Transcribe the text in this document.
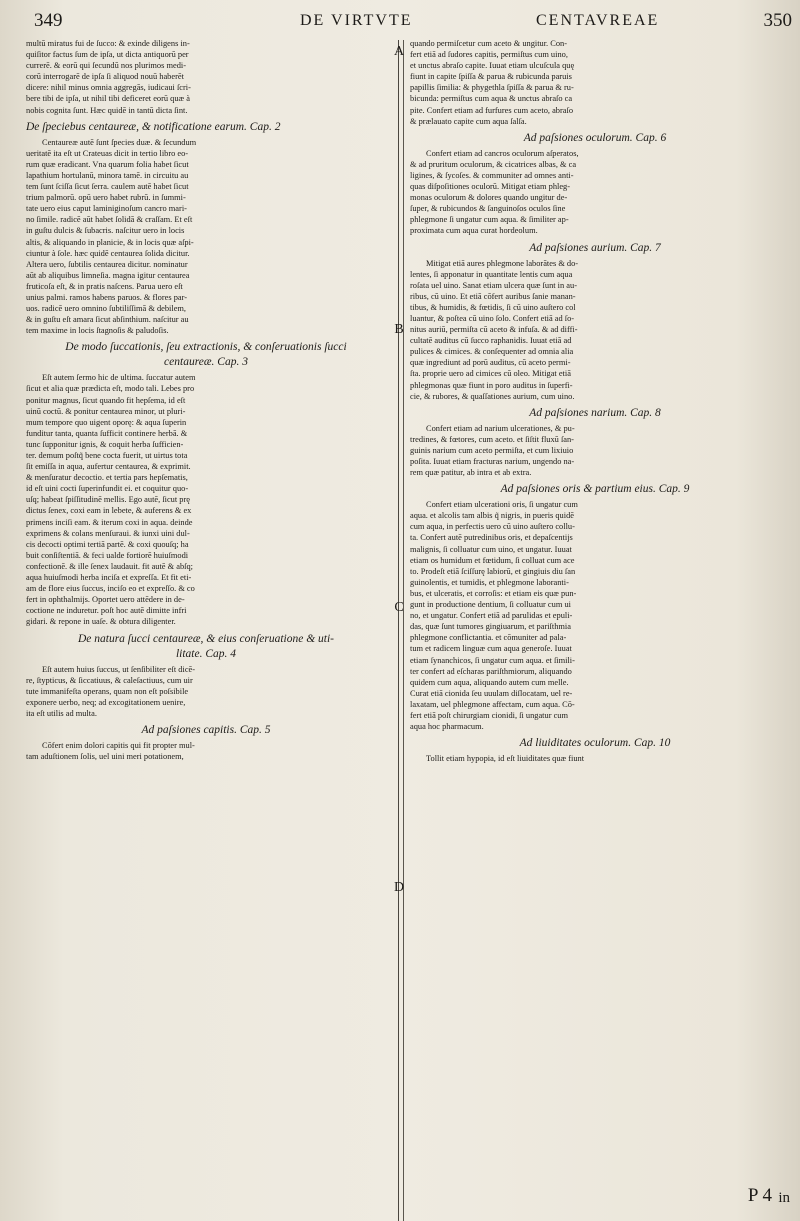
349	DE VIRTVTE	CENTAVREAE	350
A
B
C
D
multū miratus fui de ſucco: & exinde diligens in-
quiſitor factus ſum de ipſa, ut dicta antiquorū per
currerē. & eorū qui ſecundū nos plurimos medi-
corū interrogarē de ipſa ſi aliquod nouū haberēt
dicere: nihil minus omnia aggregās, iudicaui ſcri-
bere tibi de ipſa, ut nihil tibi deficeret eorū quæ à
nobis cognita ſunt. Hæc quidē in tantū dicta ſint.
De ſpeciebus centaureæ, & notificatione earum. Cap. 2
Centaureæ autē ſunt ſpecies duæ. & ſecundum
ueritatē ita eſt ut Crateuas dicit in tertio libro eo-
rum quæ eradicant. Vna quarum folia habet ſicut
lapathium hortulanū, minora tamē. in circuitu au
tem ſunt ſciſſa ſicut ſerra. caulem autē habet ſicut
trium palmorū. opū uero habet rubrū. in ſummi-
tate uero eius caput laminiginoſum cancro mari-
no ſimile. radicē aūt habet ſolidā & craſſam. Et eſt
in guſtu dulcis & ſubacris. naſcitur uero in locis
altis, & aliquando in planicie, & in locis quæ aſpi-
ciuntur à ſole. hæc quidē centaurea ſolida dicitur.
Altera uero, ſubtilis centaurea dicitur. nominatur
aūt ab aliquibus limneſia. magna igitur centaurea
fruticoſa eſt, & in pratis naſcens. Parua uero eſt
unius palmi. ramos habens paruos. & flores par-
uos. radicē uero omnino ſubtiliſſimā & debilem,
& in guſtu eſt amara ſicut abſinthium. naſcitur au
tem maxime in locis ſtagnoſis & paludoſis.
De modo ſuccationis, ſeu extractionis, & conſeruationis ſucci
centaureæ. Cap. 3
Eſt autem ſermo hic de ultima. ſuccatur autem
ſicut et alia quæ prædicta eſt, modo tali. Lebes pro
ponitur magnus, ſicut quando fit hepſema, id eſt
uinū coctū. & ponitur centaurea minor, ut pluri-
mum tempore quo uigent oporę: & aqua ſuperin
funditur tanta, quanta ſufficit continere herbā. &
tunc ſupponitur ignis, & coquit herba ſufficien-
ter. demum poſtq̃ bene cocta fuerit, ut uirtus tota
ſit emiſſa in aqua, aufertur centaurea, & exprimit.
& menſuratur decoctio. et tertia pars hepſematis,
id eſt uini cocti ſuperinfundit ei. et coquitur quo-
uſq; habeat ſpiſſitudinē mellis. Ego autē, ſicut prę
dictus ſenex, coxi eam in lebete, & auferens & ex
primens inciſi eam. & iterum coxi in aqua. deinde
exprimens & colans menſuraui. & iunxi uini dul-
cis decocti optimi tertiā partē. & coxi quouſq; ha
buit conſiſtentiā. & feci ualde fortiorē huiuſmodi
confectionē. & ille ſenex laudauit. fit autē & abſq;
aqua huiuſmodi herba inciſa et expreſſa. Et fit eti-
am de flore eius ſuccus, inciſo eo et expreſſo. & co
fert in ophthalmijs. Oportet uero attēdere in de-
coctione ne induretur. poſt hoc autē dimitte infri
gidari. & repone in uaſe. & obtura diligenter.
De natura ſucci centaureæ, & eius conſeruatione & uti-
litate. Cap. 4
Eſt autem huius ſuccus, ut ſenſibiliter eſt dicē-
re, ſtypticus, & ſiccatiuus, & caleſactiuus, cum uir
tute immanifeſta operans, quam non eſt poſsibile
exponere uerbo, neq; ad excogitationem uenire,
ita eſt utilis ad multa.
Ad paſsiones capitis. Cap. 5
Cōfert enim dolori capitis qui fit propter mul-
tam aduſtionem ſolis, uel uini meri potationem,
quando permiſcetur cum aceto & ungitur. Con-
fert etiā ad ſudores capitis, permiſtus cum uino,
et unctus abraſo capite. Iuuat etiam ulcuſcula quę
fiunt in capite ſpiſſa & parua & rubicunda paruis
papillis ſimilia: & phygethla ſpiſſa & parua & ru-
bicunda: permiſtus cum aqua & unctus abraſo ca
pite. Confert etiam ad furfures cum aceto, abraſo
& prælauato capite cum aqua ſalſa.
Ad paſsiones oculorum. Cap. 6
Confert etiam ad cancros oculorum aſperatos,
& ad pruritum oculorum, & cicatrices albas, & ca
ligines, & ſycoſes. & communiter ad omnes anti-
quas diſpoſitiones oculorū. Mitigat etiam phleg-
monas oculorum & dolores quando ungitur de-
ſuper, & rubicundos & ſanguinoſos oculos ſine
phlegmone ſi ungatur cum aqua. & ſimiliter ap-
proximata cum aqua curat hordeolum.
Ad paſsiones aurium. Cap. 7
Mitigat etiā aures phlegmone laborātes & do-
lentes, ſi apponatur in quantitate lentis cum aqua
roſata uel uino. Sanat etiam ulcera quæ ſunt in au-
ribus, cū uino. Et etiā cōfert auribus ſanie manan-
tibus, & humidis, & fœtidis, ſi cū uino auſtero col
luantur, & poſtea cū uino ſolo. Confert etiā ad ſo-
nitus auriū, permiſta cū aceto & infuſa. & ad diffi-
cultatē auditus cū ſucco raphanidis. Iuuat etiā ad
pulices & cimices. & conſequenter ad omnia alia
quæ ingrediunt ad porū auditus, cū aceto permi-
ſta. proprie uero ad cimices cū oleo. Mitigat etiā
phlegmonas quæ fiunt in poro auditus in ſuperfi-
cie, & rubores, & quaſſationes aurium, cum uino.
Ad paſsiones narium. Cap. 8
Confert etiam ad narium ulcerationes, & pu-
tredines, & fœtores, cum aceto. et ſiſtit fluxū ſan-
guinis narium cum aceto permiſta, et cum lixiuio
poſita. Iuuat etiam fracturas narium, ungendo na-
rem quæ patitur, ab intra et ab extra.
Ad paſsiones oris & partium eius. Cap. 9
Confert etiam ulcerationi oris, ſi ungatur cum
aqua. et alcolis tam albis q̃ nigris, in pueris quidē
cum aqua, in perfectis uero cū uino auſtero collu-
ta. Confert autē putredinibus oris, et depaſcentijs
malignis, ſi colluatur cum uino, et ungatur. Iuuat
etiam os humidum et fœtidum, ſi colluat cum ace
to. Prodeſt etiā ſciſſurę labiorū, et gingiuis diu ſan
guinolentis, et tumidis, et phlegmone laboranti-
bus, et ulceratis, et corroſis: et etiam eis quæ pun-
gunt in productione dentium, ſi colluatur cum ui
no, et ungatur. Confert etiā ad parulidas et epuli-
das, quæ ſunt tumores gingiuarum, et pariſthmia
phlegmone conflictantia. et cōmuniter ad pala-
tum et radicem linguæ cum aqua generoſe. Iuuat
etiam ſynanchicos, ſi ungatur cum aqua. et ſimili-
ter confert ad eſcharas pariſthmiorum, aliquando
quidem cum aqua, aliquando autem cum melle.
Curat etiā cionida ſeu uuulam diſlocatam, uel re-
laxatam, uel phlegmone affectam, cum aqua. Cō-
fert etiā poſt chirurgiam cionidi, ſi ungatur cum
aqua hoc pharmacum.
Ad liuiditates oculorum. Cap. 10
Tollit etiam hypopia, id eſt liuiditates quæ fiunt
P 4 in
